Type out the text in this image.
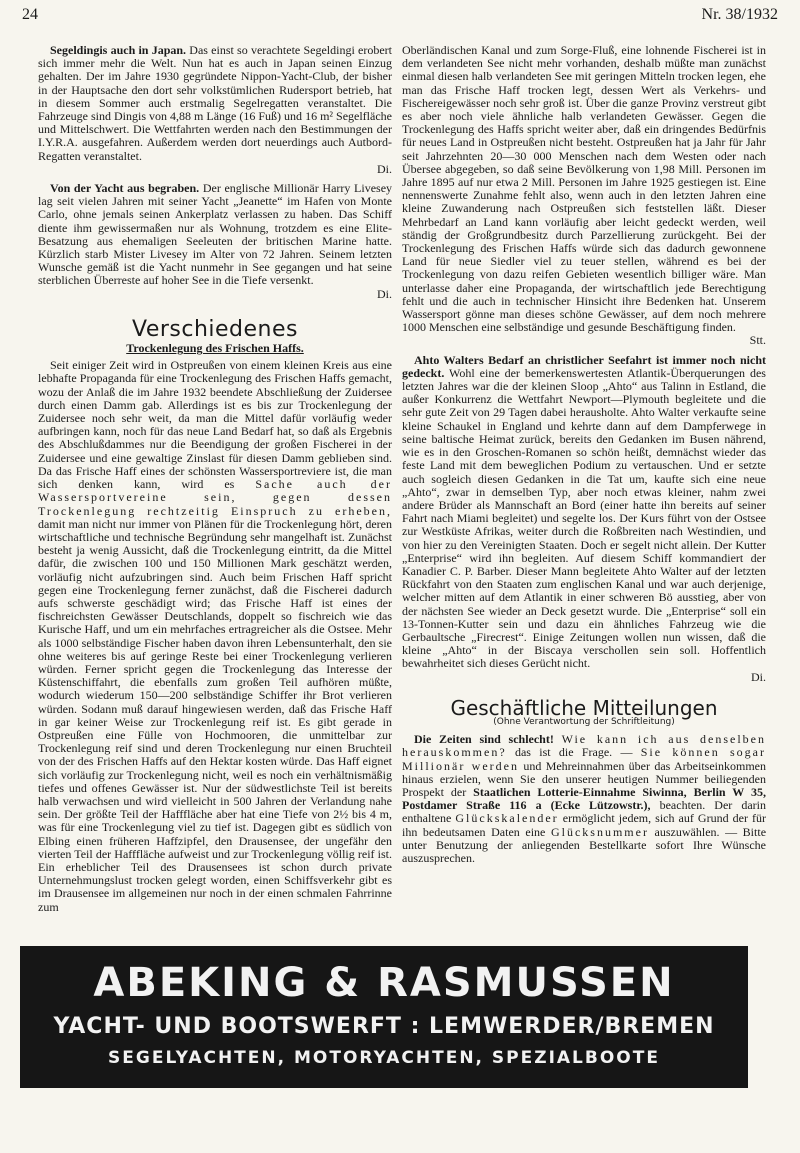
24	Nr. 38/1932

Segeldingis auch in Japan. Das einst so verachtete Segeldingi erobert sich immer mehr die Welt. Nun hat es auch in Japan seinen Einzug gehalten. Der im Jahre 1930 gegründete Nippon-Yacht-Club, der bisher in der Hauptsache den dort sehr volkstümlichen Rudersport betrieb, hat in diesem Sommer auch erstmalig Segelregatten veranstaltet. Die Fahrzeuge sind Dingis von 4,88 m Länge (16 Fuß) und 16 m² Segelfläche und Mittelschwert. Die Wettfahrten werden nach den Bestimmungen der I.Y.R.A. ausgefahren. Außerdem werden dort neuerdings auch Autbord-Regatten veranstaltet.
Di.

Von der Yacht aus begraben. Der englische Millionär Harry Livesey lag seit vielen Jahren mit seiner Yacht „Jeanette“ im Hafen von Monte Carlo, ohne jemals seinen Ankerplatz verlassen zu haben. Das Schiff diente ihm gewissermaßen nur als Wohnung, trotzdem es eine Elite-Besatzung aus ehemaligen Seeleuten der britischen Marine hatte. Kürzlich starb Mister Livesey im Alter von 72 Jahren. Seinem letzten Wunsche gemäß ist die Yacht nunmehr in See gegangen und hat seine sterblichen Überreste auf hoher See in die Tiefe versenkt.
Di.

Verschiedenes

Trockenlegung des Frischen Haffs.

Seit einiger Zeit wird in Ostpreußen von einem kleinen Kreis aus eine lebhafte Propaganda für eine Trockenlegung des Frischen Haffs gemacht, wozu der Anlaß die im Jahre 1932 beendete Abschließung der Zuidersee durch einen Damm gab. Allerdings ist es bis zur Trockenlegung der Zuidersee noch sehr weit, da man die Mittel dafür vorläufig weder aufbringen kann, noch für das neue Land Bedarf hat, so daß als Ergebnis des Abschlußdammes nur die Beendigung der großen Fischerei in der Zuidersee und eine gewaltige Zinslast für diesen Damm geblieben sind. Da das Frische Haff eines der schönsten Wassersportreviere ist, die man sich denken kann, wird es Sache auch der Wassersportvereine sein, gegen dessen Trockenlegung rechtzeitig Einspruch zu erheben, damit man nicht nur immer von Plänen für die Trockenlegung hört, deren wirtschaftliche und technische Begründung sehr mangelhaft ist. Zunächst besteht ja wenig Aussicht, daß die Trockenlegung eintritt, da die Mittel dafür, die zwischen 100 und 150 Millionen Mark geschätzt werden, vorläufig nicht aufzubringen sind. Auch beim Frischen Haff spricht gegen eine Trockenlegung ferner zunächst, daß die Fischerei dadurch aufs schwerste geschädigt wird; das Frische Haff ist eines der fischreichsten Gewässer Deutschlands, doppelt so fischreich wie das Kurische Haff, und um ein mehrfaches ertragreicher als die Ostsee. Mehr als 1000 selbständige Fischer haben davon ihren Lebensunterhalt, den sie ohne weiteres bis auf geringe Reste bei einer Trockenlegung verlieren würden. Ferner spricht gegen die Trockenlegung das Interesse der Küstenschiffahrt, die ebenfalls zum großen Teil aufhören müßte, wodurch wiederum 150—200 selbständige Schiffer ihr Brot verlieren würden. Sodann muß darauf hingewiesen werden, daß das Frische Haff in gar keiner Weise zur Trockenlegung reif ist. Es gibt gerade in Ostpreußen eine Fülle von Hochmooren, die unmittelbar zur Trockenlegung reif sind und deren Trockenlegung nur einen Bruchteil von der des Frischen Haffs auf den Hektar kosten würde. Das Haff eignet sich vorläufig zur Trockenlegung nicht, weil es noch ein verhältnismäßig tiefes und offenes Gewässer ist. Nur der südwestlichste Teil ist bereits halb verwachsen und wird vielleicht in 500 Jahren der Verlandung nahe sein. Der größte Teil der Hafffläche aber hat eine Tiefe von 2½ bis 4 m, was für eine Trockenlegung viel zu tief ist. Dagegen gibt es südlich von Elbing einen früheren Haffzipfel, den Drausensee, der ungefähr den vierten Teil der Hafffläche aufweist und zur Trockenlegung völlig reif ist. Ein erheblicher Teil des Drausensees ist schon durch private Unternehmungslust trocken gelegt worden, einen Schiffsverkehr gibt es im Drausensee im allgemeinen nur noch in der einen schmalen Fahrrinne zum

Oberländischen Kanal und zum Sorge-Fluß, eine lohnende Fischerei ist in dem verlandeten See nicht mehr vorhanden, deshalb müßte man zunächst einmal diesen halb verlandeten See mit geringen Mitteln trocken legen, ehe man das Frische Haff trocken legt, dessen Wert als Verkehrs- und Fischereigewässer noch sehr groß ist. Über die ganze Provinz verstreut gibt es aber noch viele ähnliche halb verlandeten Gewässer. Gegen die Trockenlegung des Haffs spricht weiter aber, daß ein dringendes Bedürfnis für neues Land in Ostpreußen nicht besteht. Ostpreußen hat ja Jahr für Jahr seit Jahrzehnten 20—30 000 Menschen nach dem Westen oder nach Übersee abgegeben, so daß seine Bevölkerung von 1,98 Mill. Personen im Jahre 1895 auf nur etwa 2 Mill. Personen im Jahre 1925 gestiegen ist. Eine nennenswerte Zunahme fehlt also, wenn auch in den letzten Jahren eine kleine Zuwanderung nach Ostpreußen sich feststellen läßt. Dieser Mehrbedarf an Land kann vorläufig aber leicht gedeckt werden, weil ständig der Großgrundbesitz durch Parzellierung zurückgeht. Bei der Trockenlegung des Frischen Haffs würde sich das dadurch gewonnene Land für neue Siedler viel zu teuer stellen, während es bei der Trockenlegung von dazu reifen Gebieten wesentlich billiger wäre. Man unterlasse daher eine Propaganda, der wirtschaftlich jede Berechtigung fehlt und die auch in technischer Hinsicht ihre Bedenken hat. Unserem Wassersport gönne man dieses schöne Gewässer, auf dem noch mehrere 1000 Menschen eine selbständige und gesunde Beschäftigung finden.
Stt.

Ahto Walters Bedarf an christlicher Seefahrt ist immer noch nicht gedeckt. Wohl eine der bemerkenswertesten Atlantik-Überquerungen des letzten Jahres war die der kleinen Sloop „Ahto“ aus Talinn in Estland, die außer Konkurrenz die Wettfahrt Newport—Plymouth begleitete und die sehr gute Zeit von 29 Tagen dabei herausholte. Ahto Walter verkaufte seine kleine Schaukel in England und kehrte dann auf dem Dampferwege in seine baltische Heimat zurück, bereits den Gedanken im Busen nährend, wie es in den Groschen-Romanen so schön heißt, demnächst wieder das feste Land mit dem beweglichen Podium zu vertauschen. Und er setzte auch sogleich diesen Gedanken in die Tat um, kaufte sich eine neue „Ahto“, zwar in demselben Typ, aber noch etwas kleiner, nahm zwei andere Brüder als Mannschaft an Bord (einer hatte ihn bereits auf seiner Fahrt nach Miami begleitet) und segelte los. Der Kurs führt von der Ostsee zur Westküste Afrikas, weiter durch die Roßbreiten nach Westindien, und von hier zu den Vereinigten Staaten. Doch er segelt nicht allein. Der Kutter „Enterprise“ wird ihn begleiten. Auf diesem Schiff kommandiert der Kanadier C. P. Barber. Dieser Mann begleitete Ahto Walter auf der letzten Rückfahrt von den Staaten zum englischen Kanal und war auch derjenige, welcher mitten auf dem Atlantik in einer schweren Bö ausstieg, aber von der nächsten See wieder an Deck gesetzt wurde. Die „Enterprise“ soll ein 13-Tonnen-Kutter sein und dazu ein ähnliches Fahrzeug wie die Gerbaultsche „Firecrest“. Einige Zeitungen wollen nun wissen, daß die kleine „Ahto“ in der Biscaya verschollen sein soll. Hoffentlich bewahrheitet sich dieses Gerücht nicht.
Di.

Geschäftliche Mitteilungen
(Ohne Verantwortung der Schriftleitung)

Die Zeiten sind schlecht! Wie kann ich aus denselben herauskommen? das ist die Frage. — Sie können sogar Millionär werden und Mehreinnahmen über das Arbeitseinkommen hinaus erzielen, wenn Sie den unserer heutigen Nummer beiliegenden Prospekt der Staatlichen Lotterie-Einnahme Siwinna, Berlin W 35, Postdamer Straße 116 a (Ecke Lützowstr.), beachten. Der darin enthaltene Glückskalender ermöglicht jedem, sich auf Grund der für ihn bedeutsamen Daten eine Glücksnummer auszuwählen. — Bitte unter Benutzung der anliegenden Bestellkarte sofort Ihre Wünsche auszusprechen.

ABEKING & RASMUSSEN
YACHT- UND BOOTSWERFT : LEMWERDER/BREMEN
SEGELYACHTEN, MOTORYACHTEN, SPEZIALBOOTE
